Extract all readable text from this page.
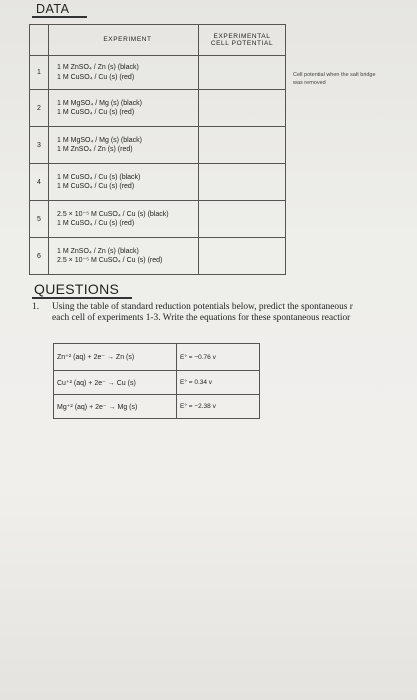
DATA
	EXPERIMENT	EXPERIMENTAL
CELL POTENTIAL

1	1 M ZnSO₄ / Zn (s) (black)
1 M CuSO₄ / Cu (s) (red)	

2	1 M MgSO₄ / Mg (s) (black)
1 M CuSO₄ / Cu (s) (red)	

3	1 M MgSO₄ / Mg (s) (black)
1 M ZnSO₄ / Zn (s) (red)	

4	1 M CuSO₄ / Cu (s) (black)
1 M CuSO₄ / Cu (s) (red)	

5	2.5 × 10⁻⁵ M CuSO₄ / Cu (s) (black)
1 M CuSO₄ / Cu (s) (red)	

6	1 M ZnSO₄ / Zn (s) (black)
2.5 × 10⁻⁵ M CuSO₄ / Cu (s) (red)	

Cell potential when the salt bridge was removed
QUESTIONS
1. Using the table of standard reduction potentials below, predict the spontaneous r
each cell of experiments 1-3. Write the equations for these spontaneous reactior
Zn⁺² (aq) + 2e⁻ → Zn (s)	E° = −0.76 v
Cu⁺² (aq) + 2e⁻ → Cu (s)	E° = 0.34 v
Mg⁺² (aq) + 2e⁻ → Mg (s)	E° = −2.38 v
